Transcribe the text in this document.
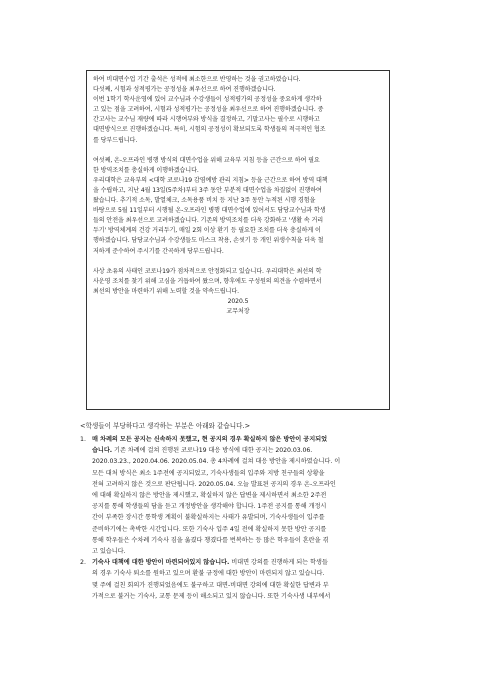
하여 비대면수업 기간 출석은 성적에 최소한으로 반영하는 것을 권고하였습니다.

다섯째, 시험과 성적평가는 공정성을 최우선으로 하여 진행하겠습니다.

이번 1학기 학사운영에 있어 교수님과 수강생들이 성적평가의 공정성을 중요하게 생각하

고 있는 점을 고려하여, 시험과 성적평가는 공정성을 최우선으로 하여 진행하겠습니다. 중

간고사는 교수님 재량에 따라 시행여부와 방식을 결정하고, 기말고사는 필수로 시행하고

대면방식으로 진행하겠습니다. 특히, 시험의 공정성이 확보되도록 학생들의 적극적인 협조

를 당부드립니다.

여섯째, 온-오프라인 병행 방식의 대면수업을 위해 교육부 지침 등을 근간으로 하여 필요

한 방역조치를 충실하게 이행하겠습니다.

우리대학은 교육부의 <대학 코로나19 감염예방 관리 지침> 등을 근간으로 하여 방역 대책

을 수립하고, 지난 4월 13일(5주차)부터 3주 동안 부분적 대면수업을 차질없이 진행하여

왔습니다. 추기적 소독, 발열체크, 소독용품 비치 등 지난 3주 동안 누적된 시행 경험을

바탕으로 5월 11일부터 시행될 온-오프라인 병행 대면수업에 있어서도 담당교수님과 학생

들의 안전을 최우선으로 고려하겠습니다. 기존의 방역조치를 더욱 강화하고 '생활 속 거리

두기' 방역체계의 건강 거리두기, 매일 2회 이상 환기 등 필요한 조치를 더욱 충실하게 이

행하겠습니다. 담당교수님과 수강생들도 마스크 착용, 손씻기 등 개인 위생수칙을 더욱 철

저하게 준수하여 주시기를 간곡하게 당부드립니다.

사상 초유의 사태인 코로나19가 점차적으로 안정화되고 있습니다. 우리대학은 최선의 학

사운영 조치를 찾기 위해 고심을 거듭하여 왔으며, 향후에도 구성원의 의견을 수렴하면서

최선의 방안을 마련하기 위해 노력할 것을 약속드립니다.

2020.5

교무처장

<학생들이 부당하다고 생각하는 부분은 아래와 같습니다.>

1. 매 차례의 모든 공지는 신속하지 못했고, 현 공지의 경우 확실하지 않은 방안이 공지되었

습니다. 기존 차례에 걸쳐 진행된 코로나19 대응 방식에 대한 공지는 2020.03.06.

2020.03.23., 2020.04.06. 2020.05.04. 총 4차례에 걸쳐 대응 방안을 제시하였습니다. 이

모든 대처 방식은 최소 1주전에 공지되었고, 기숙사생들의 입주와 지방 친구들의 상황을

전혀 고려하지 않은 것으로 판단됩니다. 2020.05.04. 오늘 발표된 공지의 경우 온-오프라인

에 대해 확실하지 않은 방안을 제시했고, 확실하지 않은 답변을 제시하면서 최소한 2주전

공지를 통해 학생들의 담을 듣고 개정방안을 생각해야 합니다. 1주전 공지를 통해 개정시

간이 부족한 장시간 통학생 계획이 불확실하지는 사태가 유발되며, 기숙사생들이 입주를

준비하기에는 촉박한 시간입니다. 또한 기숙사 입주 4일 전에 확실하지 못한 방안 공지를

통해 학우들은 수차례 기숙사 짐을 옮겼다 챙겼다를 번복하는 등 많은 학우들이 혼란을 겪

고 있습니다.

2. 기숙사 대책에 대한 방안이 마련되어있지 않습니다. 비대면 강의를 진행하게 되는 학생들

의 경우 기숙사 퇴소를 원하고 있으며 환불 규정에 대한 방안이 마련되지 않고 있습니다.

몇 주에 걸친 회의가 진행되었음에도 불구하고 대면-비대면 강의에 대한 확실한 답변과 부

가적으로 불거는 기숙사, 교통 문제 등이 해소되고 있지 않습니다. 또한 기숙사생 내부에서
